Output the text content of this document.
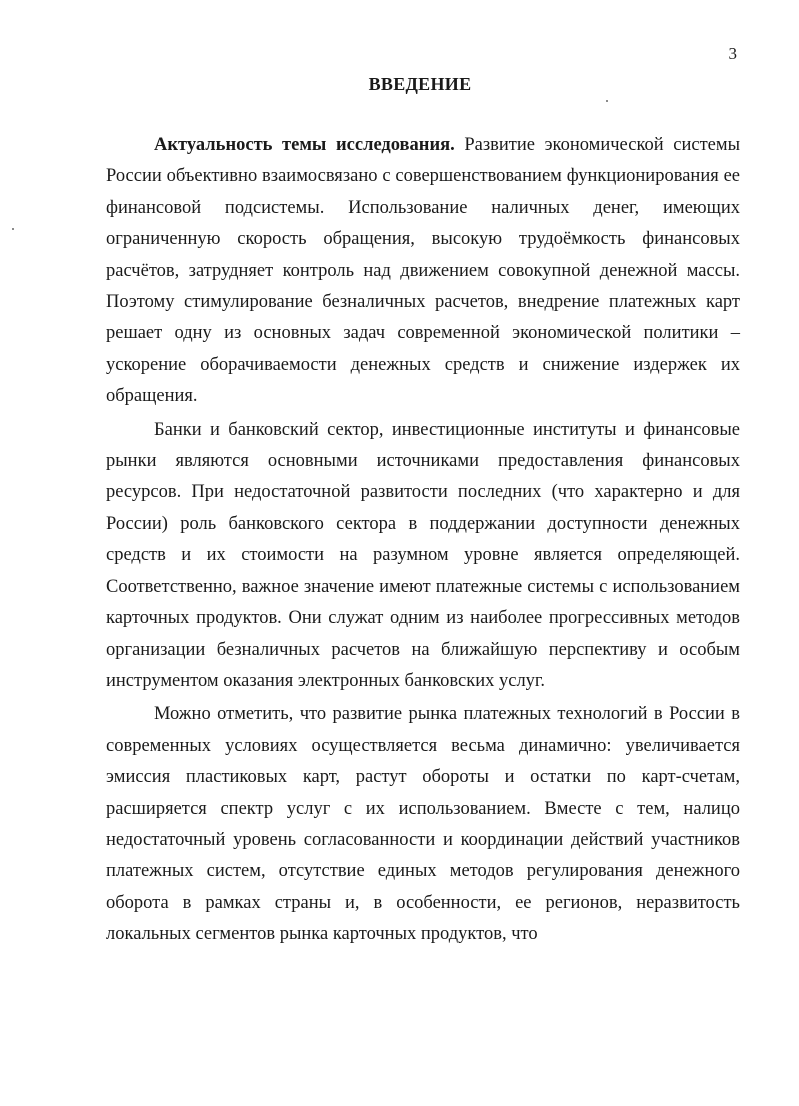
3
ВВЕДЕНИЕ

Актуальность темы исследования. Развитие экономической системы России объективно взаимосвязано с совершенствованием функционирования ее финансовой подсистемы. Использование наличных денег, имеющих ограниченную скорость обращения, высокую трудоёмкость финансовых расчётов, затрудняет контроль над движением совокупной денежной массы. Поэтому стимулирование безналичных расчетов, внедрение платежных карт решает одну из основных задач современной экономической политики – ускорение оборачиваемости денежных средств и снижение издержек их обращения.

Банки и банковский сектор, инвестиционные институты и финансовые рынки являются основными источниками предоставления финансовых ресурсов. При недостаточной развитости последних (что характерно и для России) роль банковского сектора в поддержании доступности денежных средств и их стоимости на разумном уровне является определяющей. Соответственно, важное значение имеют платежные системы с использованием карточных продуктов. Они служат одним из наиболее прогрессивных методов организации безналичных расчетов на ближайшую перспективу и особым инструментом оказания электронных банковских услуг.

Можно отметить, что развитие рынка платежных технологий в России в современных условиях осуществляется весьма динамично: увеличивается эмиссия пластиковых карт, растут обороты и остатки по карт-счетам, расширяется спектр услуг с их использованием. Вместе с тем, налицо недостаточный уровень согласованности и координации действий участников платежных систем, отсутствие единых методов регулирования денежного оборота в рамках страны и, в особенности, ее регионов, неразвитость локальных сегментов рынка карточных продуктов, что
